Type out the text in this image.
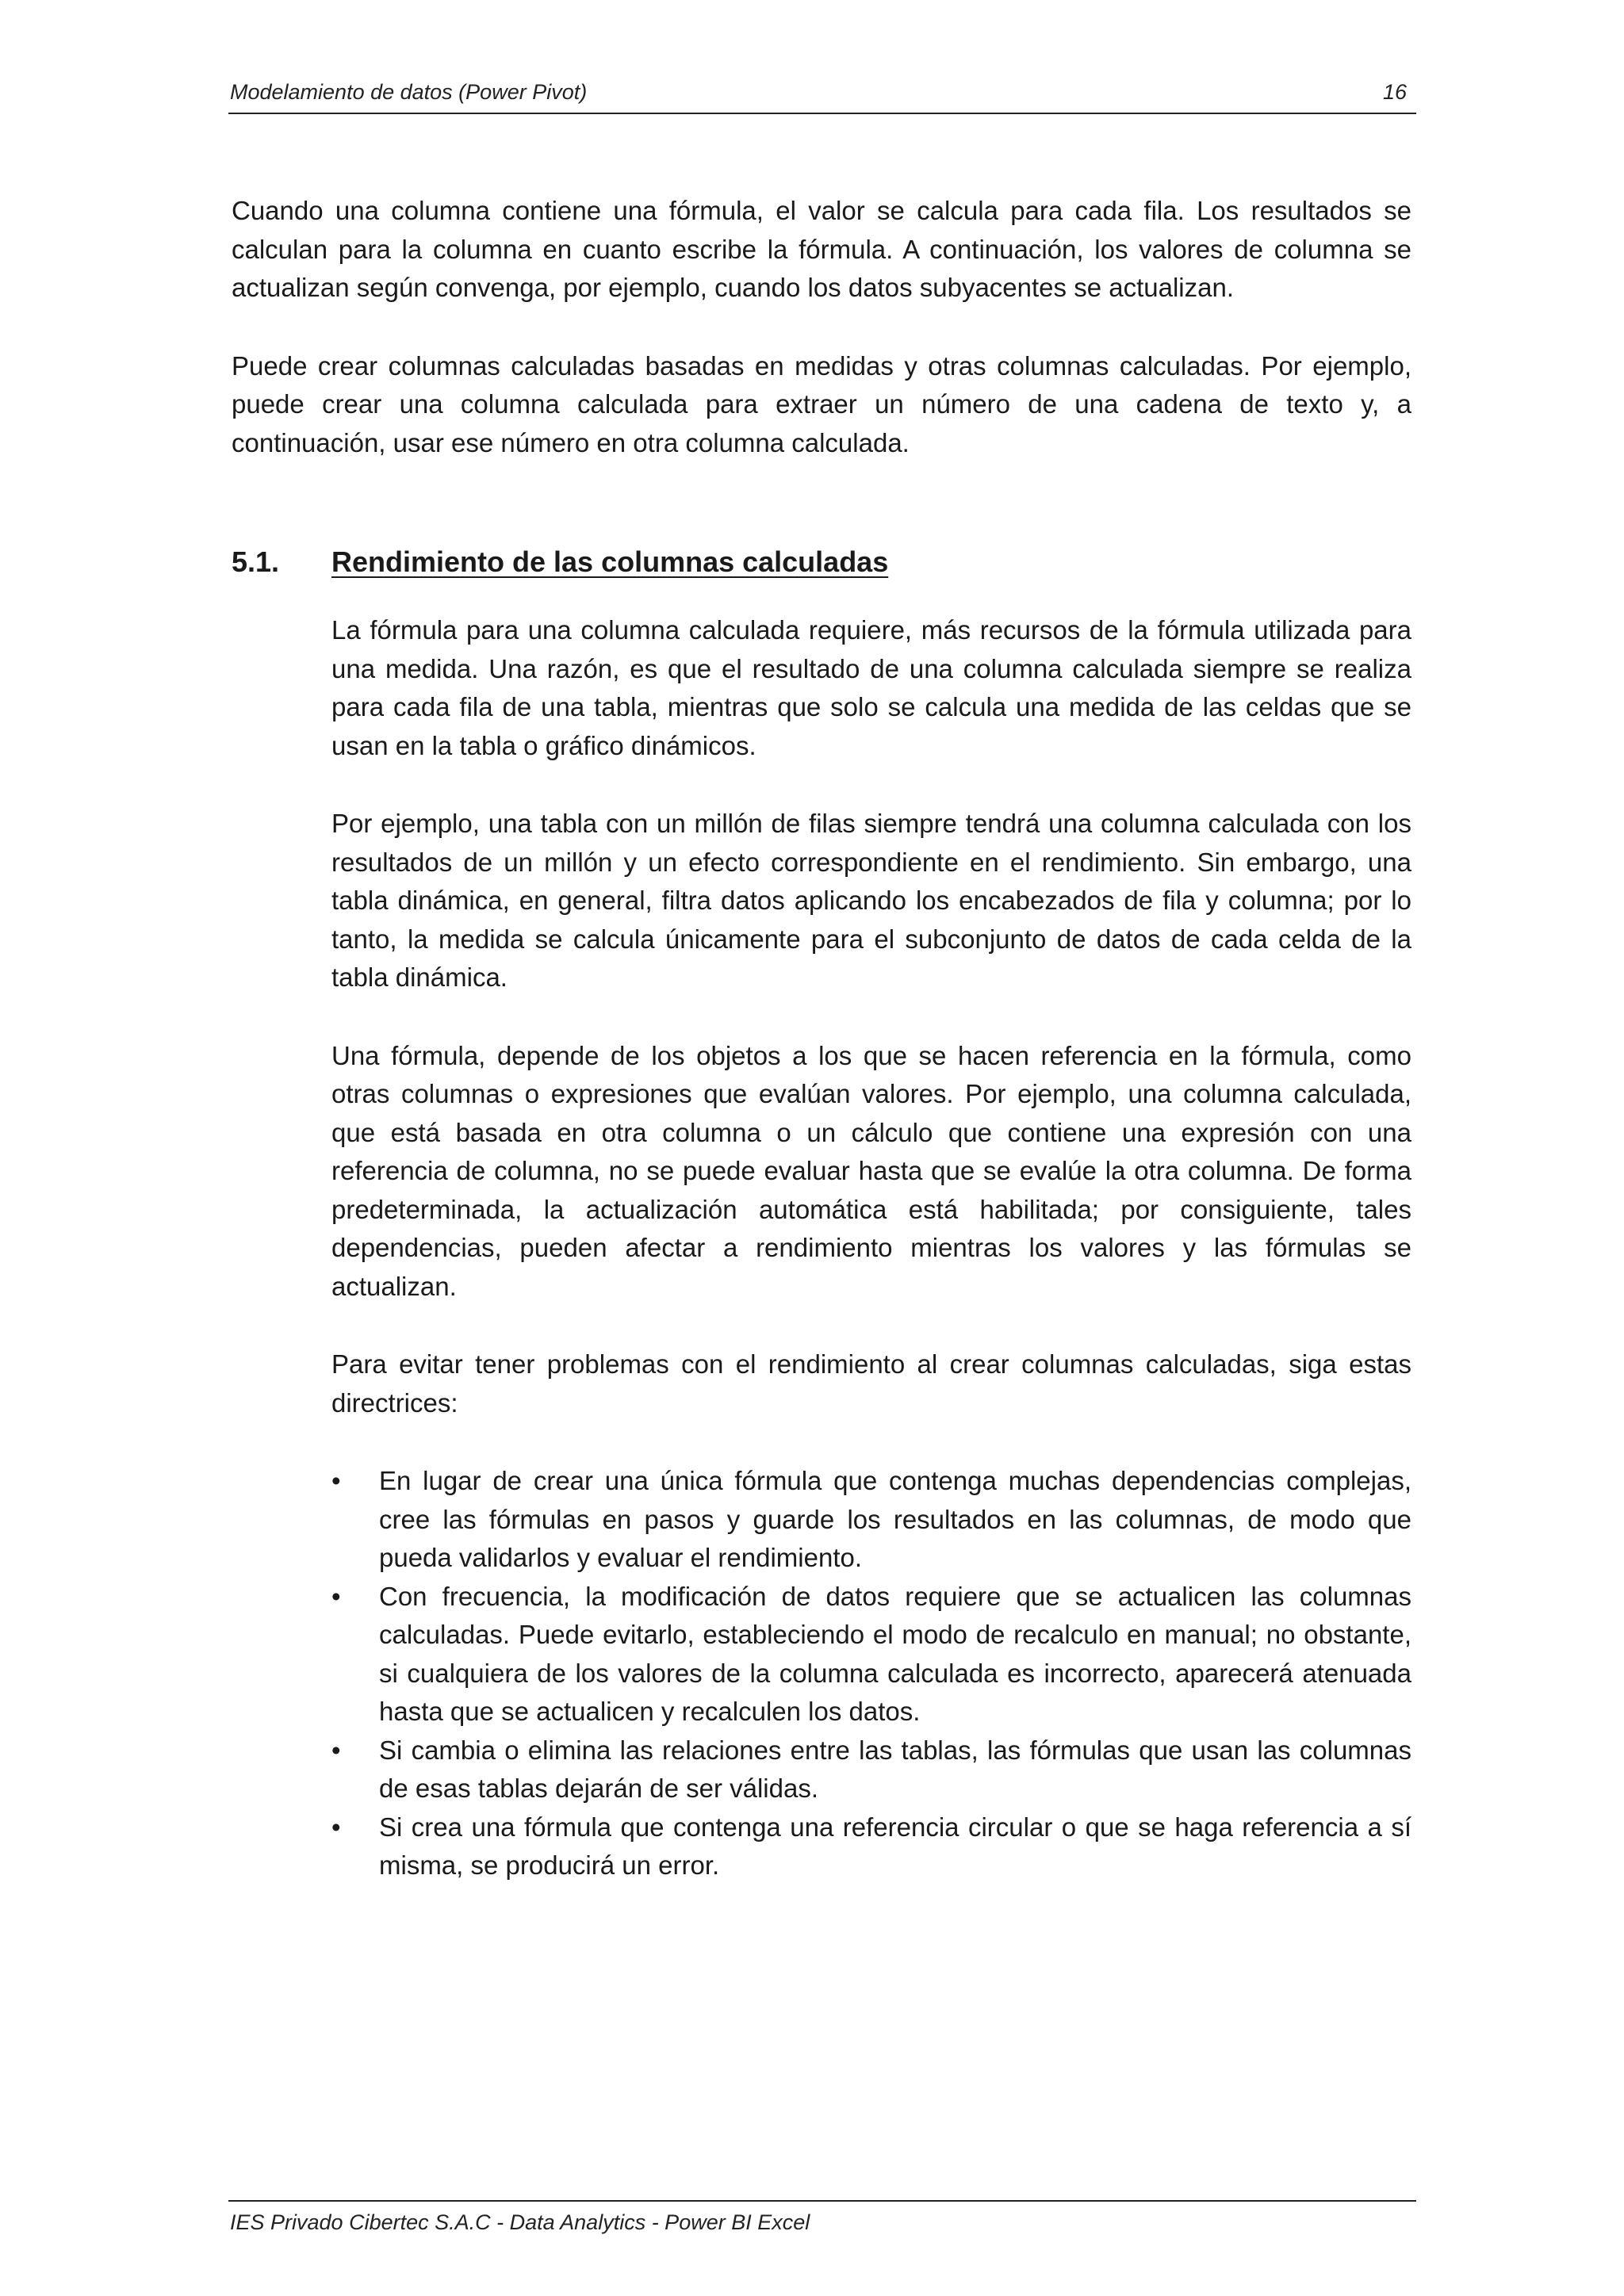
Modelamiento de datos (Power Pivot)	16

Cuando una columna contiene una fórmula, el valor se calcula para cada fila. Los resultados se calculan para la columna en cuanto escribe la fórmula. A continuación, los valores de columna se actualizan según convenga, por ejemplo, cuando los datos subyacentes se actualizan.

Puede crear columnas calculadas basadas en medidas y otras columnas calculadas. Por ejemplo, puede crear una columna calculada para extraer un número de una cadena de texto y, a continuación, usar ese número en otra columna calculada.

5.1. Rendimiento de las columnas calculadas

La fórmula para una columna calculada requiere, más recursos de la fórmula utilizada para una medida. Una razón, es que el resultado de una columna calculada siempre se realiza para cada fila de una tabla, mientras que solo se calcula una medida de las celdas que se usan en la tabla o gráfico dinámicos.

Por ejemplo, una tabla con un millón de filas siempre tendrá una columna calculada con los resultados de un millón y un efecto correspondiente en el rendimiento. Sin embargo, una tabla dinámica, en general, filtra datos aplicando los encabezados de fila y columna; por lo tanto, la medida se calcula únicamente para el subconjunto de datos de cada celda de la tabla dinámica.

Una fórmula, depende de los objetos a los que se hacen referencia en la fórmula, como otras columnas o expresiones que evalúan valores. Por ejemplo, una columna calculada, que está basada en otra columna o un cálculo que contiene una expresión con una referencia de columna, no se puede evaluar hasta que se evalúe la otra columna. De forma predeterminada, la actualización automática está habilitada; por consiguiente, tales dependencias, pueden afectar a rendimiento mientras los valores y las fórmulas se actualizan.

Para evitar tener problemas con el rendimiento al crear columnas calculadas, siga estas directrices:

• En lugar de crear una única fórmula que contenga muchas dependencias complejas, cree las fórmulas en pasos y guarde los resultados en las columnas, de modo que pueda validarlos y evaluar el rendimiento.
• Con frecuencia, la modificación de datos requiere que se actualicen las columnas calculadas. Puede evitarlo, estableciendo el modo de recalculo en manual; no obstante, si cualquiera de los valores de la columna calculada es incorrecto, aparecerá atenuada hasta que se actualicen y recalculen los datos.
• Si cambia o elimina las relaciones entre las tablas, las fórmulas que usan las columnas de esas tablas dejarán de ser válidas.
• Si crea una fórmula que contenga una referencia circular o que se haga referencia a sí misma, se producirá un error.
IES Privado Cibertec S.A.C - Data Analytics - Power BI Excel
